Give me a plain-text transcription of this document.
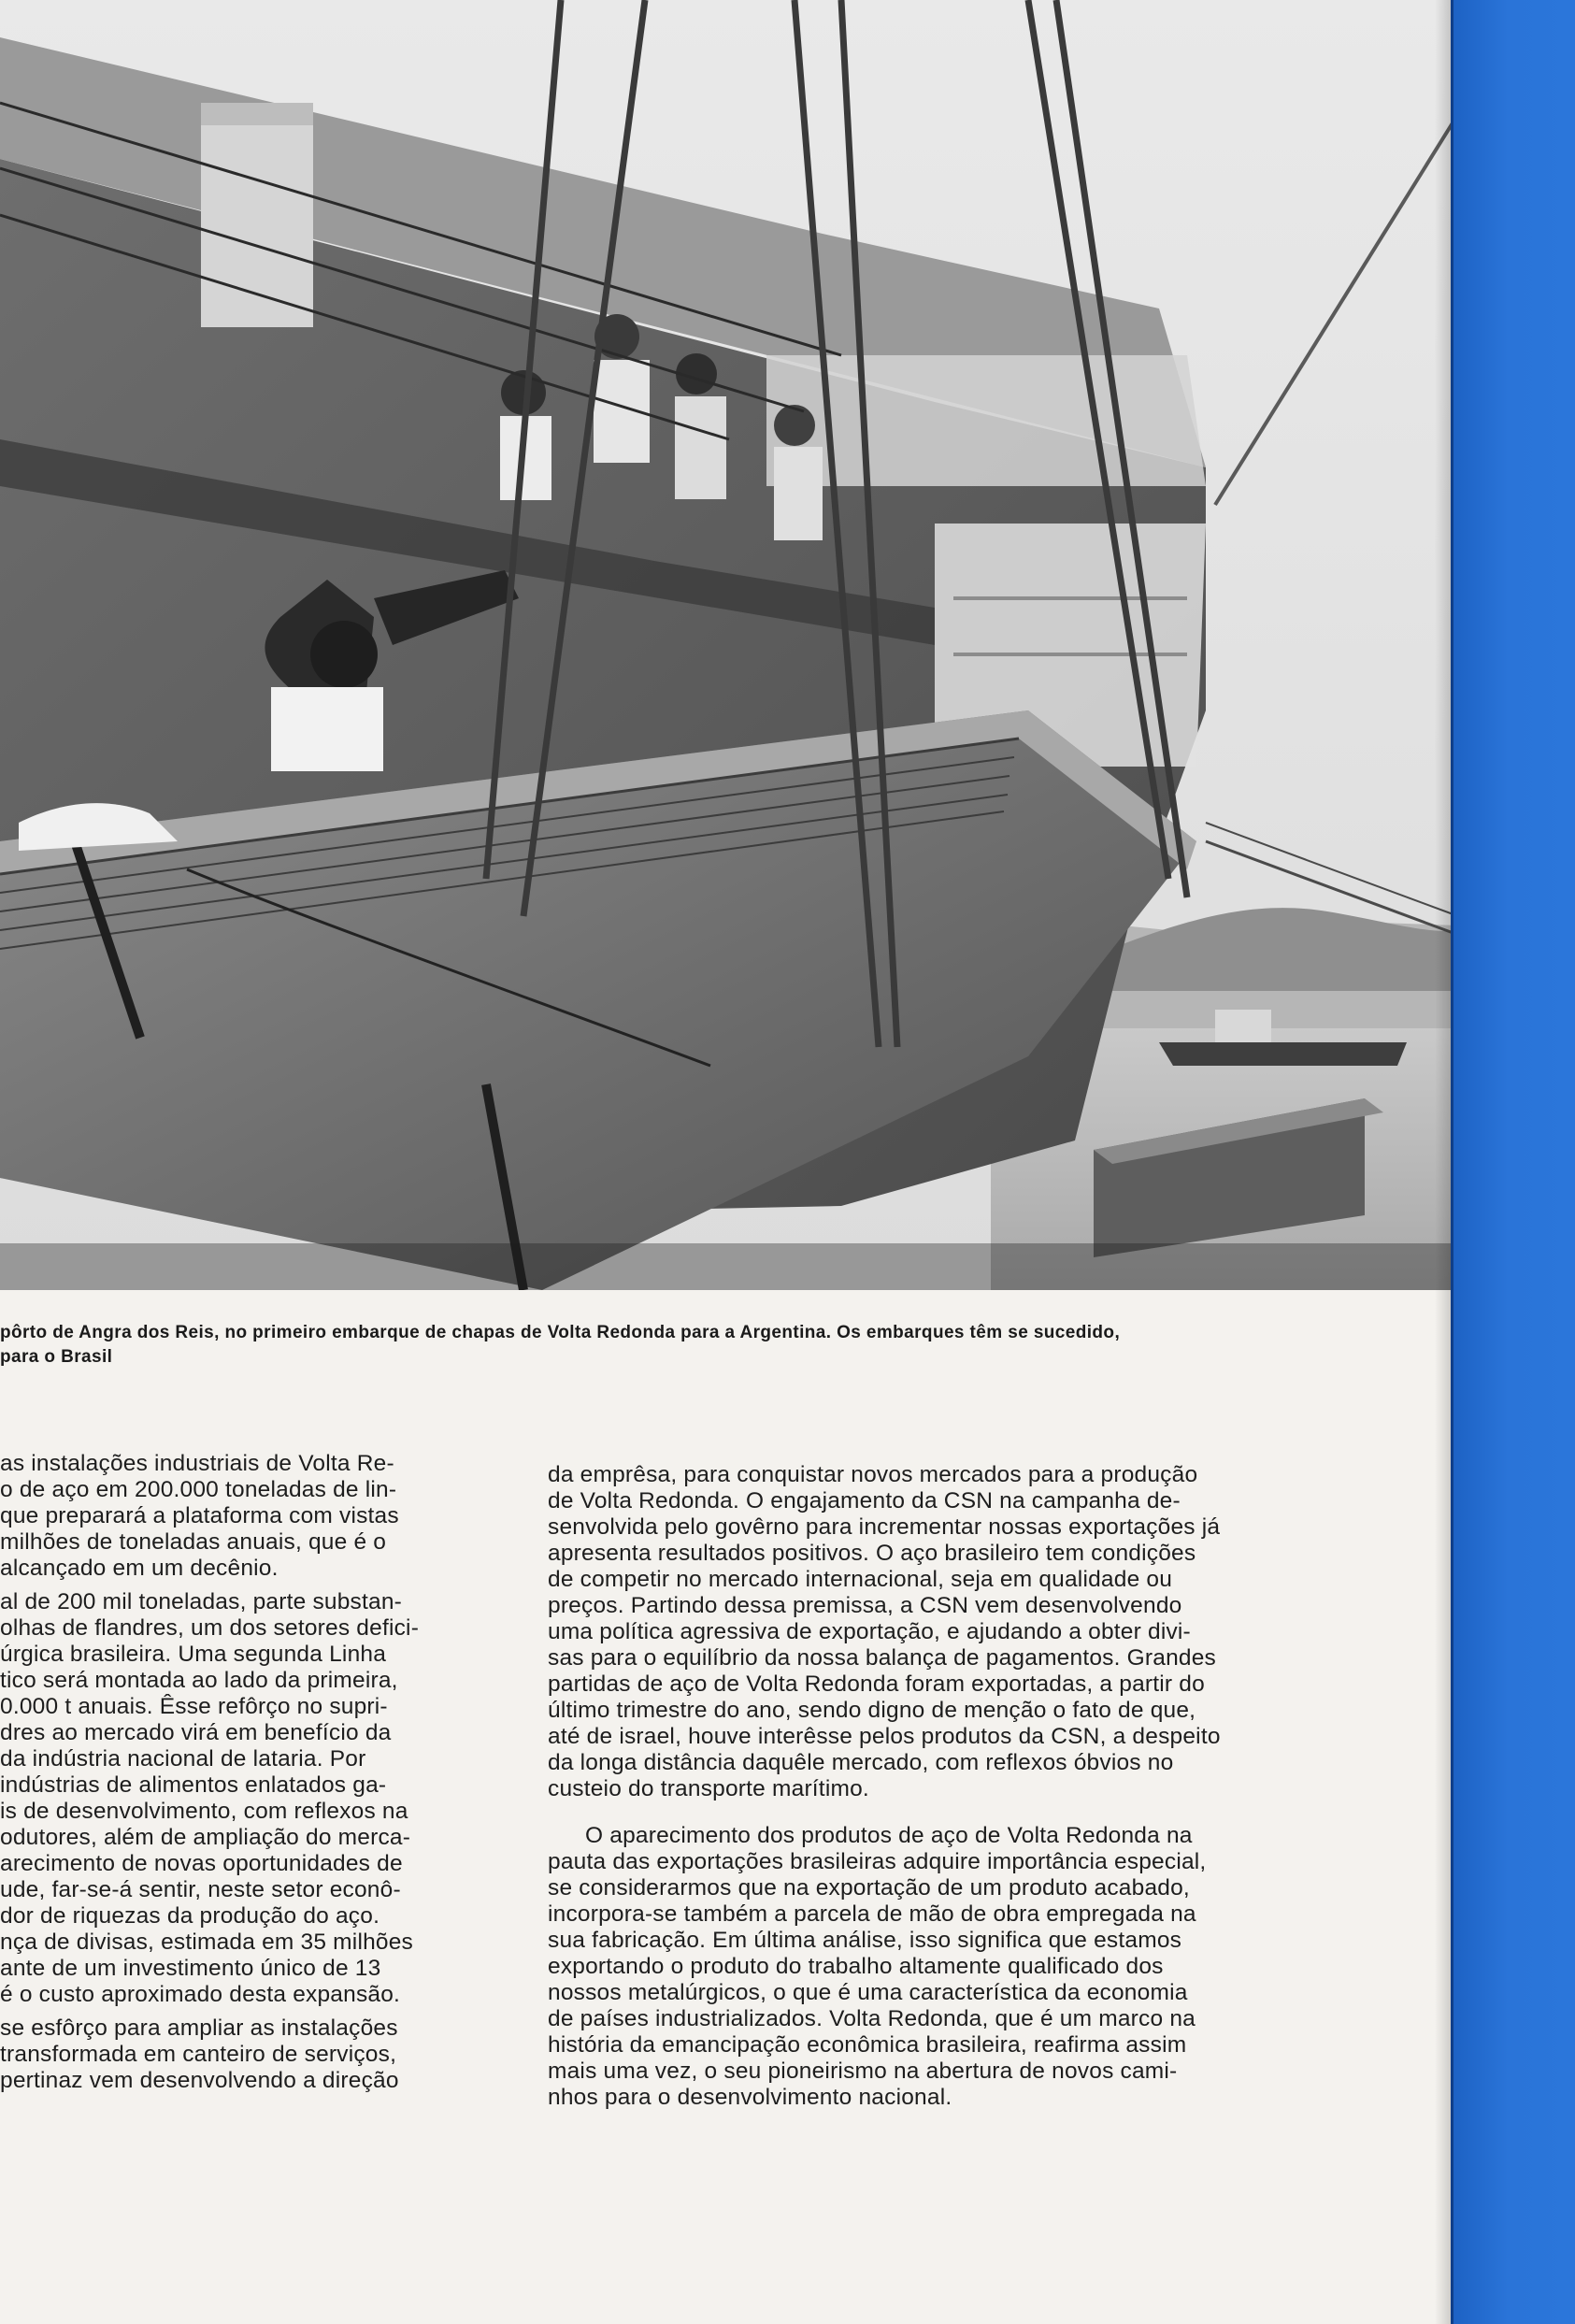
pôrto de Angra dos Reis, no primeiro embarque de chapas de Volta Redonda para a Argentina. Os embarques têm se sucedido,
para o Brasil
as instalações industriais de Volta Re-
o de aço em 200.000 toneladas de lin-
que preparará a plataforma com vistas
milhões de toneladas anuais, que é o
alcançado em um decênio.
al de 200 mil toneladas, parte substan-
olhas de flandres, um dos setores defici-
úrgica brasileira. Uma segunda Linha
tico será montada ao lado da primeira,
0.000 t anuais. Êsse refôrço no supri-
dres ao mercado virá em benefício da
da indústria nacional de lataria. Por
indústrias de alimentos enlatados ga-
is de desenvolvimento, com reflexos na
odutores, além de ampliação do merca-
arecimento de novas oportunidades de
ude, far-se-á sentir, neste setor econô-
dor de riquezas da produção do aço.
nça de divisas, estimada em 35 milhões
ante de um investimento único de 13
é o custo aproximado desta expansão.
se esfôrço para ampliar as instalações
transformada em canteiro de serviços,
pertinaz vem desenvolvendo a direção
da emprêsa, para conquistar novos mercados para a produção
de Volta Redonda. O engajamento da CSN na campanha de-
senvolvida pelo govêrno para incrementar nossas exportações já
apresenta resultados positivos. O aço brasileiro tem condições
de competir no mercado internacional, seja em qualidade ou
preços. Partindo dessa premissa, a CSN vem desenvolvendo
uma política agressiva de exportação, e ajudando a obter divi-
sas para o equilíbrio da nossa balança de pagamentos. Grandes
partidas de aço de Volta Redonda foram exportadas, a partir do
último trimestre do ano, sendo digno de menção o fato de que,
até de israel, houve interêsse pelos produtos da CSN, a despeito
da longa distância daquêle mercado, com reflexos óbvios no
custeio do transporte marítimo.
O aparecimento dos produtos de aço de Volta Redonda na
pauta das exportações brasileiras adquire importância especial,
se considerarmos que na exportação de um produto acabado,
incorpora-se também a parcela de mão de obra empregada na
sua fabricação. Em última análise, isso significa que estamos
exportando o produto do trabalho altamente qualificado dos
nossos metalúrgicos, o que é uma característica da economia
de países industrializados. Volta Redonda, que é um marco na
história da emancipação econômica brasileira, reafirma assim
mais uma vez, o seu pioneirismo na abertura de novos cami-
nhos para o desenvolvimento nacional.
